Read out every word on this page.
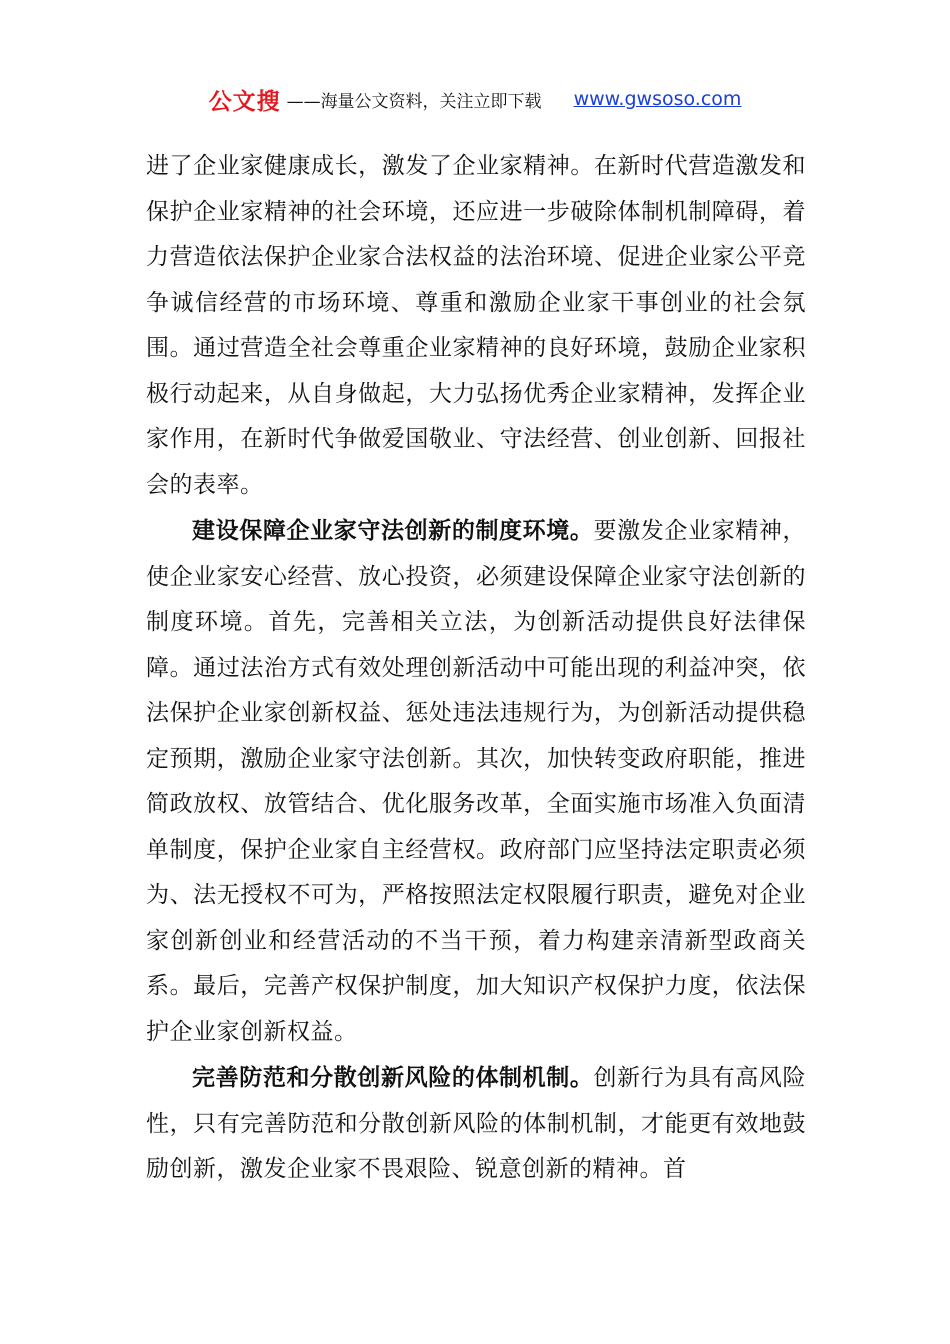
公文搜 ——海量公文资料，关注立即下载 www.gwsoso.com

进了企业家健康成长，激发了企业家精神。在新时代营造激发和保护企业家精神的社会环境，还应进一步破除体制机制障碍，着力营造依法保护企业家合法权益的法治环境、促进企业家公平竞争诚信经营的市场环境、尊重和激励企业家干事创业的社会氛围。通过营造全社会尊重企业家精神的良好环境，鼓励企业家积极行动起来，从自身做起，大力弘扬优秀企业家精神，发挥企业家作用，在新时代争做爱国敬业、守法经营、创业创新、回报社会的表率。

建设保障企业家守法创新的制度环境。要激发企业家精神，使企业家安心经营、放心投资，必须建设保障企业家守法创新的制度环境。首先，完善相关立法，为创新活动提供良好法律保障。通过法治方式有效处理创新活动中可能出现的利益冲突，依法保护企业家创新权益、惩处违法违规行为，为创新活动提供稳定预期，激励企业家守法创新。其次，加快转变政府职能，推进简政放权、放管结合、优化服务改革，全面实施市场准入负面清单制度，保护企业家自主经营权。政府部门应坚持法定职责必须为、法无授权不可为，严格按照法定权限履行职责，避免对企业家创新创业和经营活动的不当干预，着力构建亲清新型政商关系。最后，完善产权保护制度，加大知识产权保护力度，依法保护企业家创新权益。

完善防范和分散创新风险的体制机制。创新行为具有高风险性，只有完善防范和分散创新风险的体制机制，才能更有效地鼓励创新，激发企业家不畏艰险、锐意创新的精神。首
